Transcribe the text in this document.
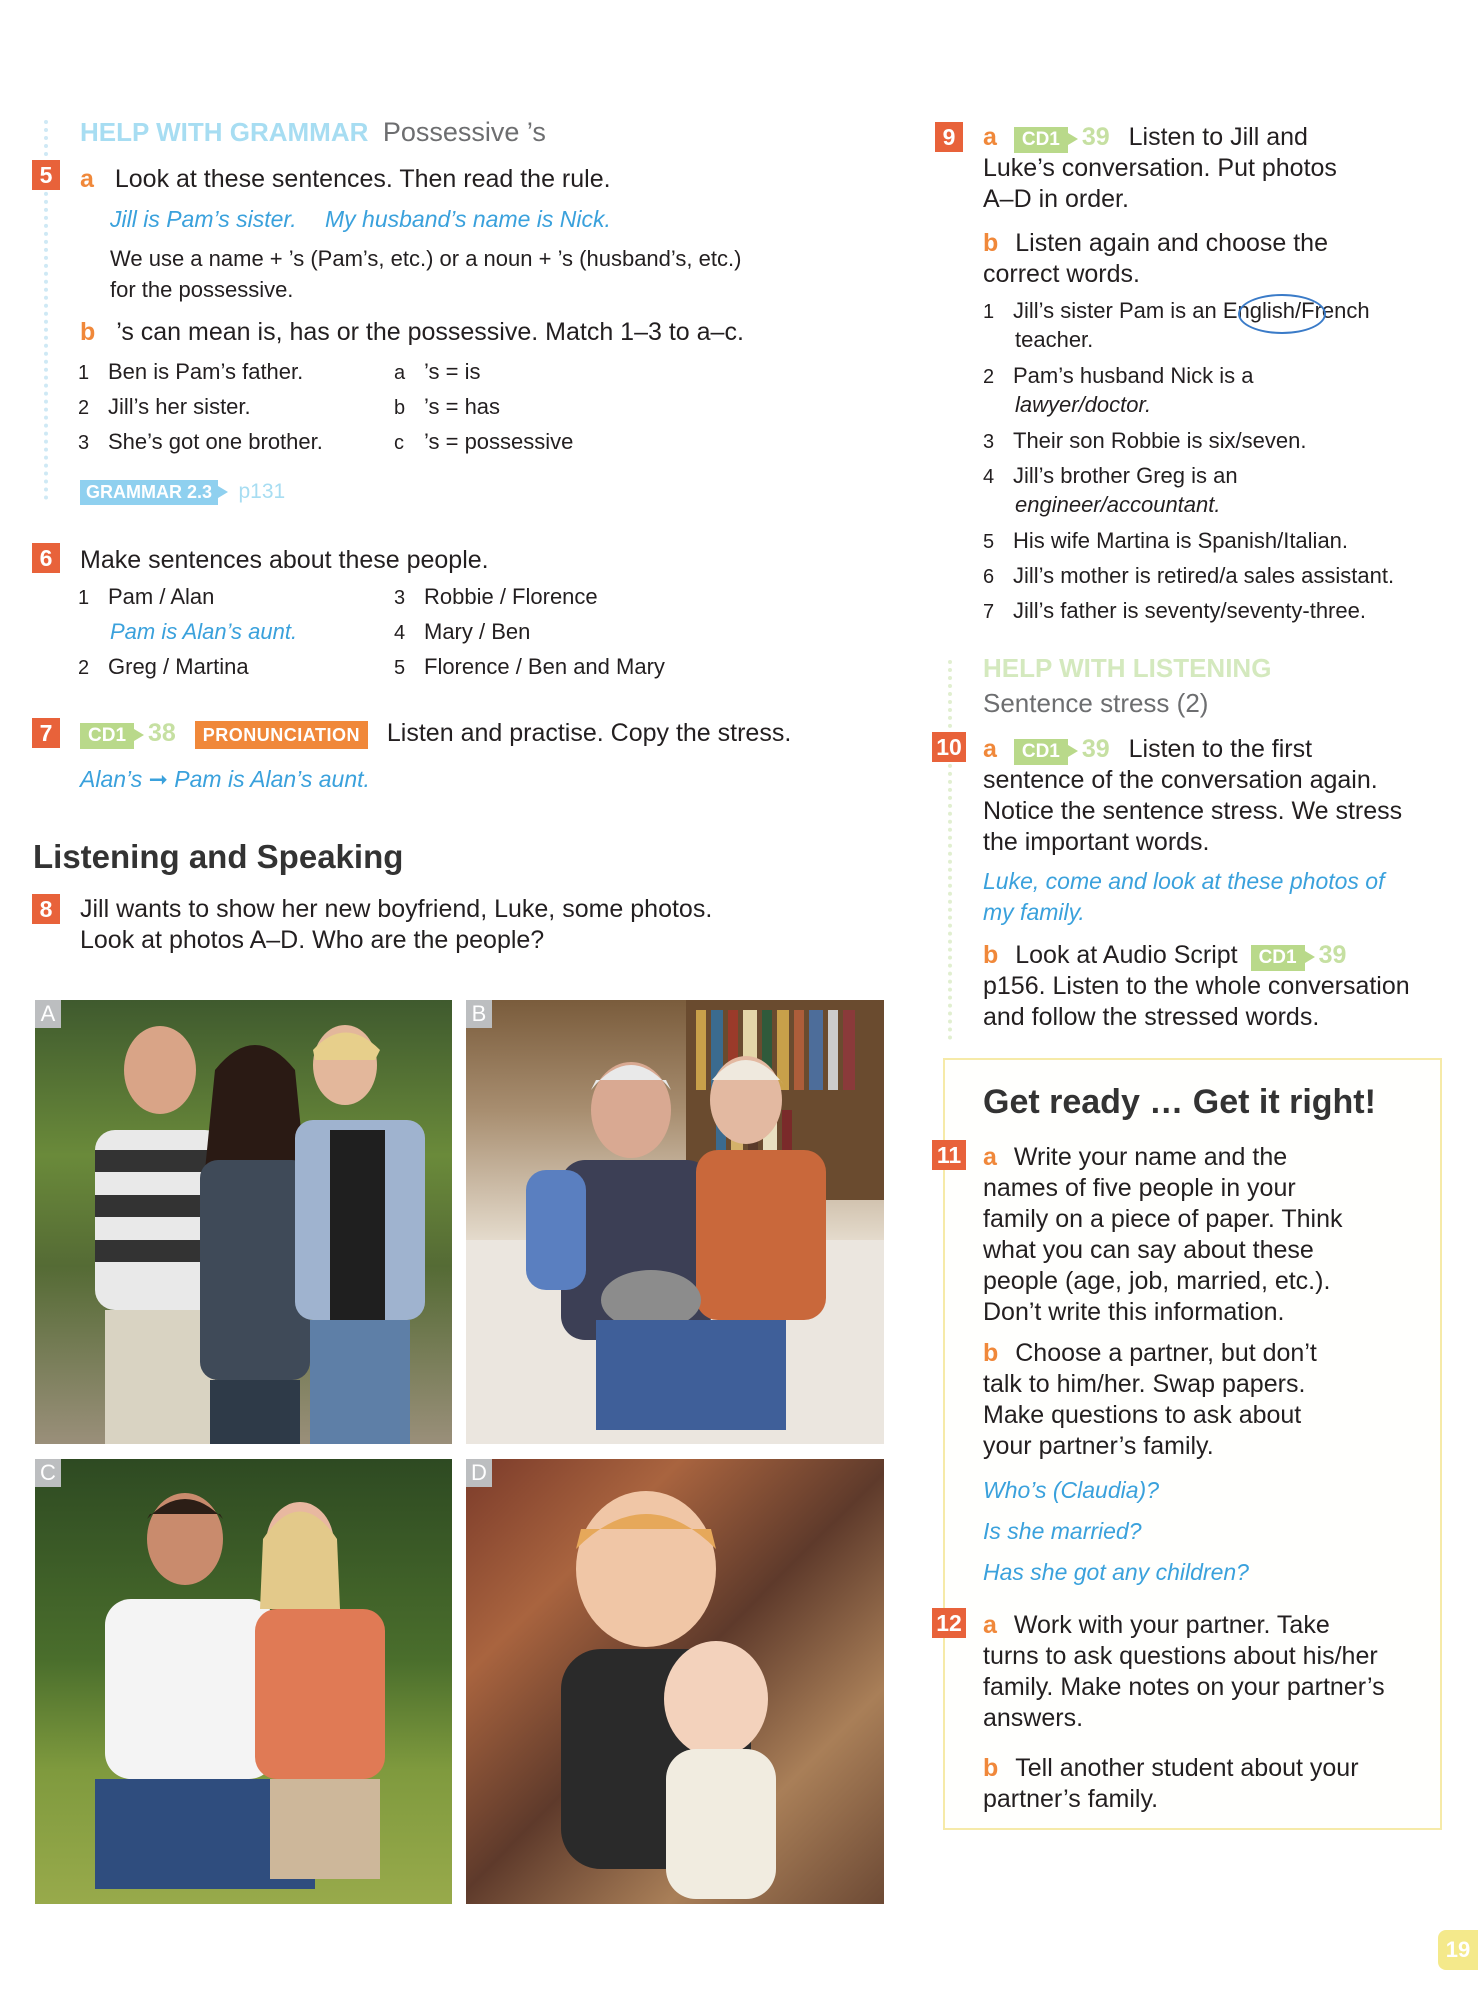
HELP WITH GRAMMAR Possessive ’s
5	a Look at these sentences. Then read the rule.
Jill is Pam’s sister. My husband’s name is Nick.
We use a name + ’s (Pam’s, etc.) or a noun + ’s (husband’s, etc.)
for the possessive.
b ’s can mean is, has or the possessive. Match 1–3 to a–c.
1 Ben is Pam’s father.
2 Jill’s her sister.
3 She’s got one brother.
a ’s = is
b ’s = has
c ’s = possessive
GRAMMAR 2.3 p131
6	Make sentences about these people.
1 Pam / Alan
Pam is Alan’s aunt.
2 Greg / Martina
3 Robbie / Florence
4 Mary / Ben
5 Florence / Ben and Mary
7	CD1 38 PRONUNCIATION Listen and practise. Copy the stress.
Alan’s ➞ Pam is Alan’s aunt.
Listening and Speaking
8	Jill wants to show her new boyfriend, Luke, some photos.
Look at photos A–D. Who are the people?
A	B
C	D
9	a CD1 39 Listen to Jill and
Luke’s conversation. Put photos
A–D in order.
b Listen again and choose the
correct words.
1 Jill’s sister Pam is an English/French
teacher.
2 Pam’s husband Nick is a
lawyer/doctor.
3 Their son Robbie is six/seven.
4 Jill’s brother Greg is an
engineer/accountant.
5 His wife Martina is Spanish/Italian.
6 Jill’s mother is retired/a sales assistant.
7 Jill’s father is seventy/seventy-three.
HELP WITH LISTENING
Sentence stress (2)
10 a CD1 39 Listen to the first
sentence of the conversation again.
Notice the sentence stress. We stress
the important words.
Luke, come and look at these photos of
my family.
b Look at Audio Script CD1 39
p156. Listen to the whole conversation
and follow the stressed words.
Get ready … Get it right!
11 a Write your name and the
names of five people in your
family on a piece of paper. Think
what you can say about these
people (age, job, married, etc.).
Don’t write this information.
b Choose a partner, but don’t
talk to him/her. Swap papers.
Make questions to ask about
your partner’s family.
Who’s (Claudia)?
Is she married?
Has she got any children?
12 a Work with your partner. Take
turns to ask questions about his/her
family. Make notes on your partner’s
answers.
b Tell another student about your
partner’s family.
19
